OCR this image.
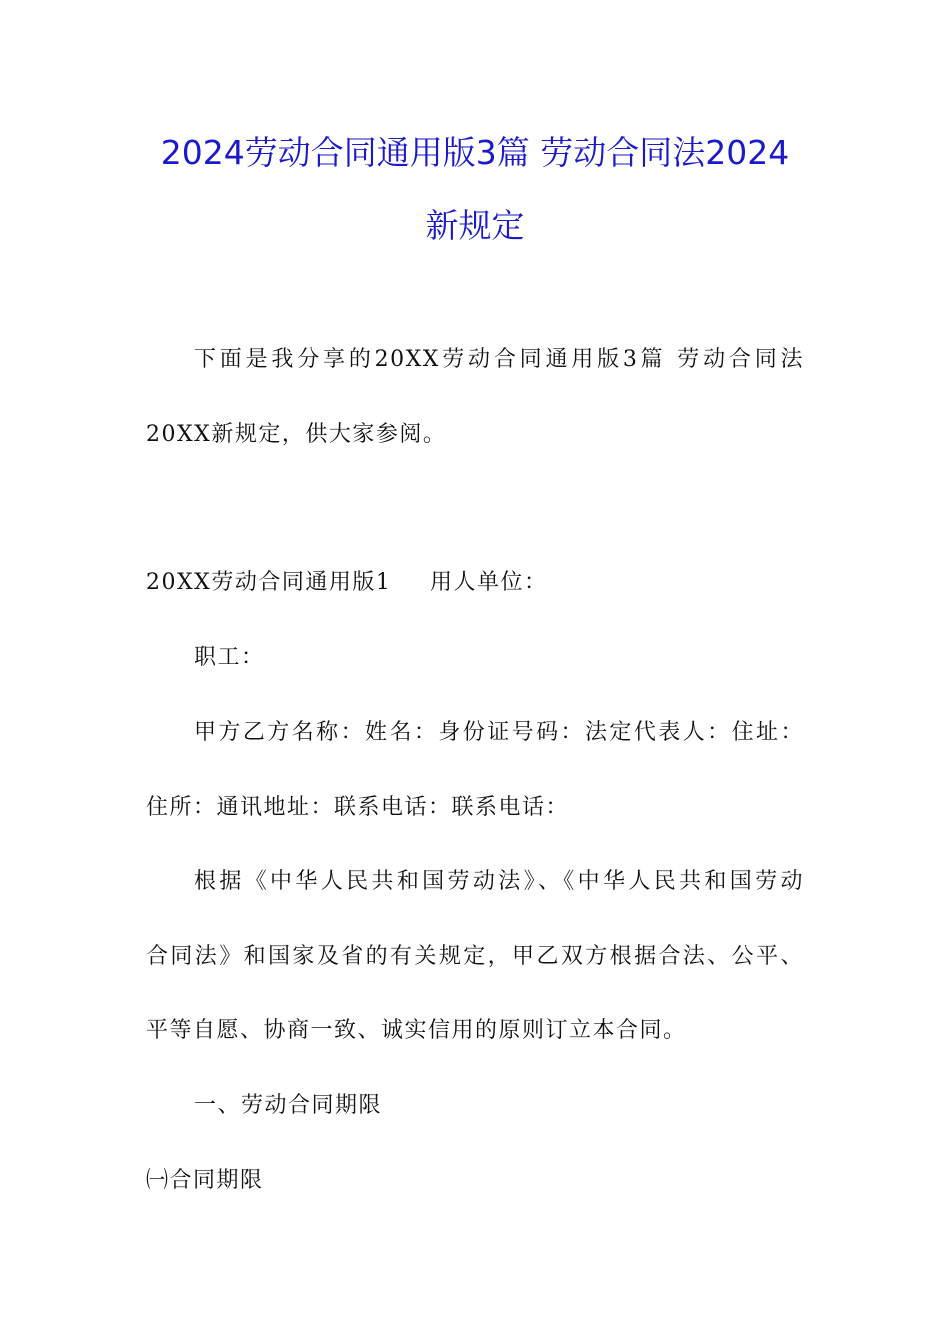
2024劳动合同通用版3篇 劳动合同法2024
新规定
下面是我分享的20XX劳动合同通用版3篇 劳动合同法
20XX新规定，供大家参阅。
20XX劳动合同通用版1 用人单位：
职工：
甲方乙方名称：姓名：身份证号码：法定代表人：住址：
住所：通讯地址：联系电话：联系电话：
根据《中华人民共和国劳动法》、《中华人民共和国劳动
合同法》和国家及省的有关规定，甲乙双方根据合法、公平、
平等自愿、协商一致、诚实信用的原则订立本合同。
一、劳动合同期限
㈠合同期限
